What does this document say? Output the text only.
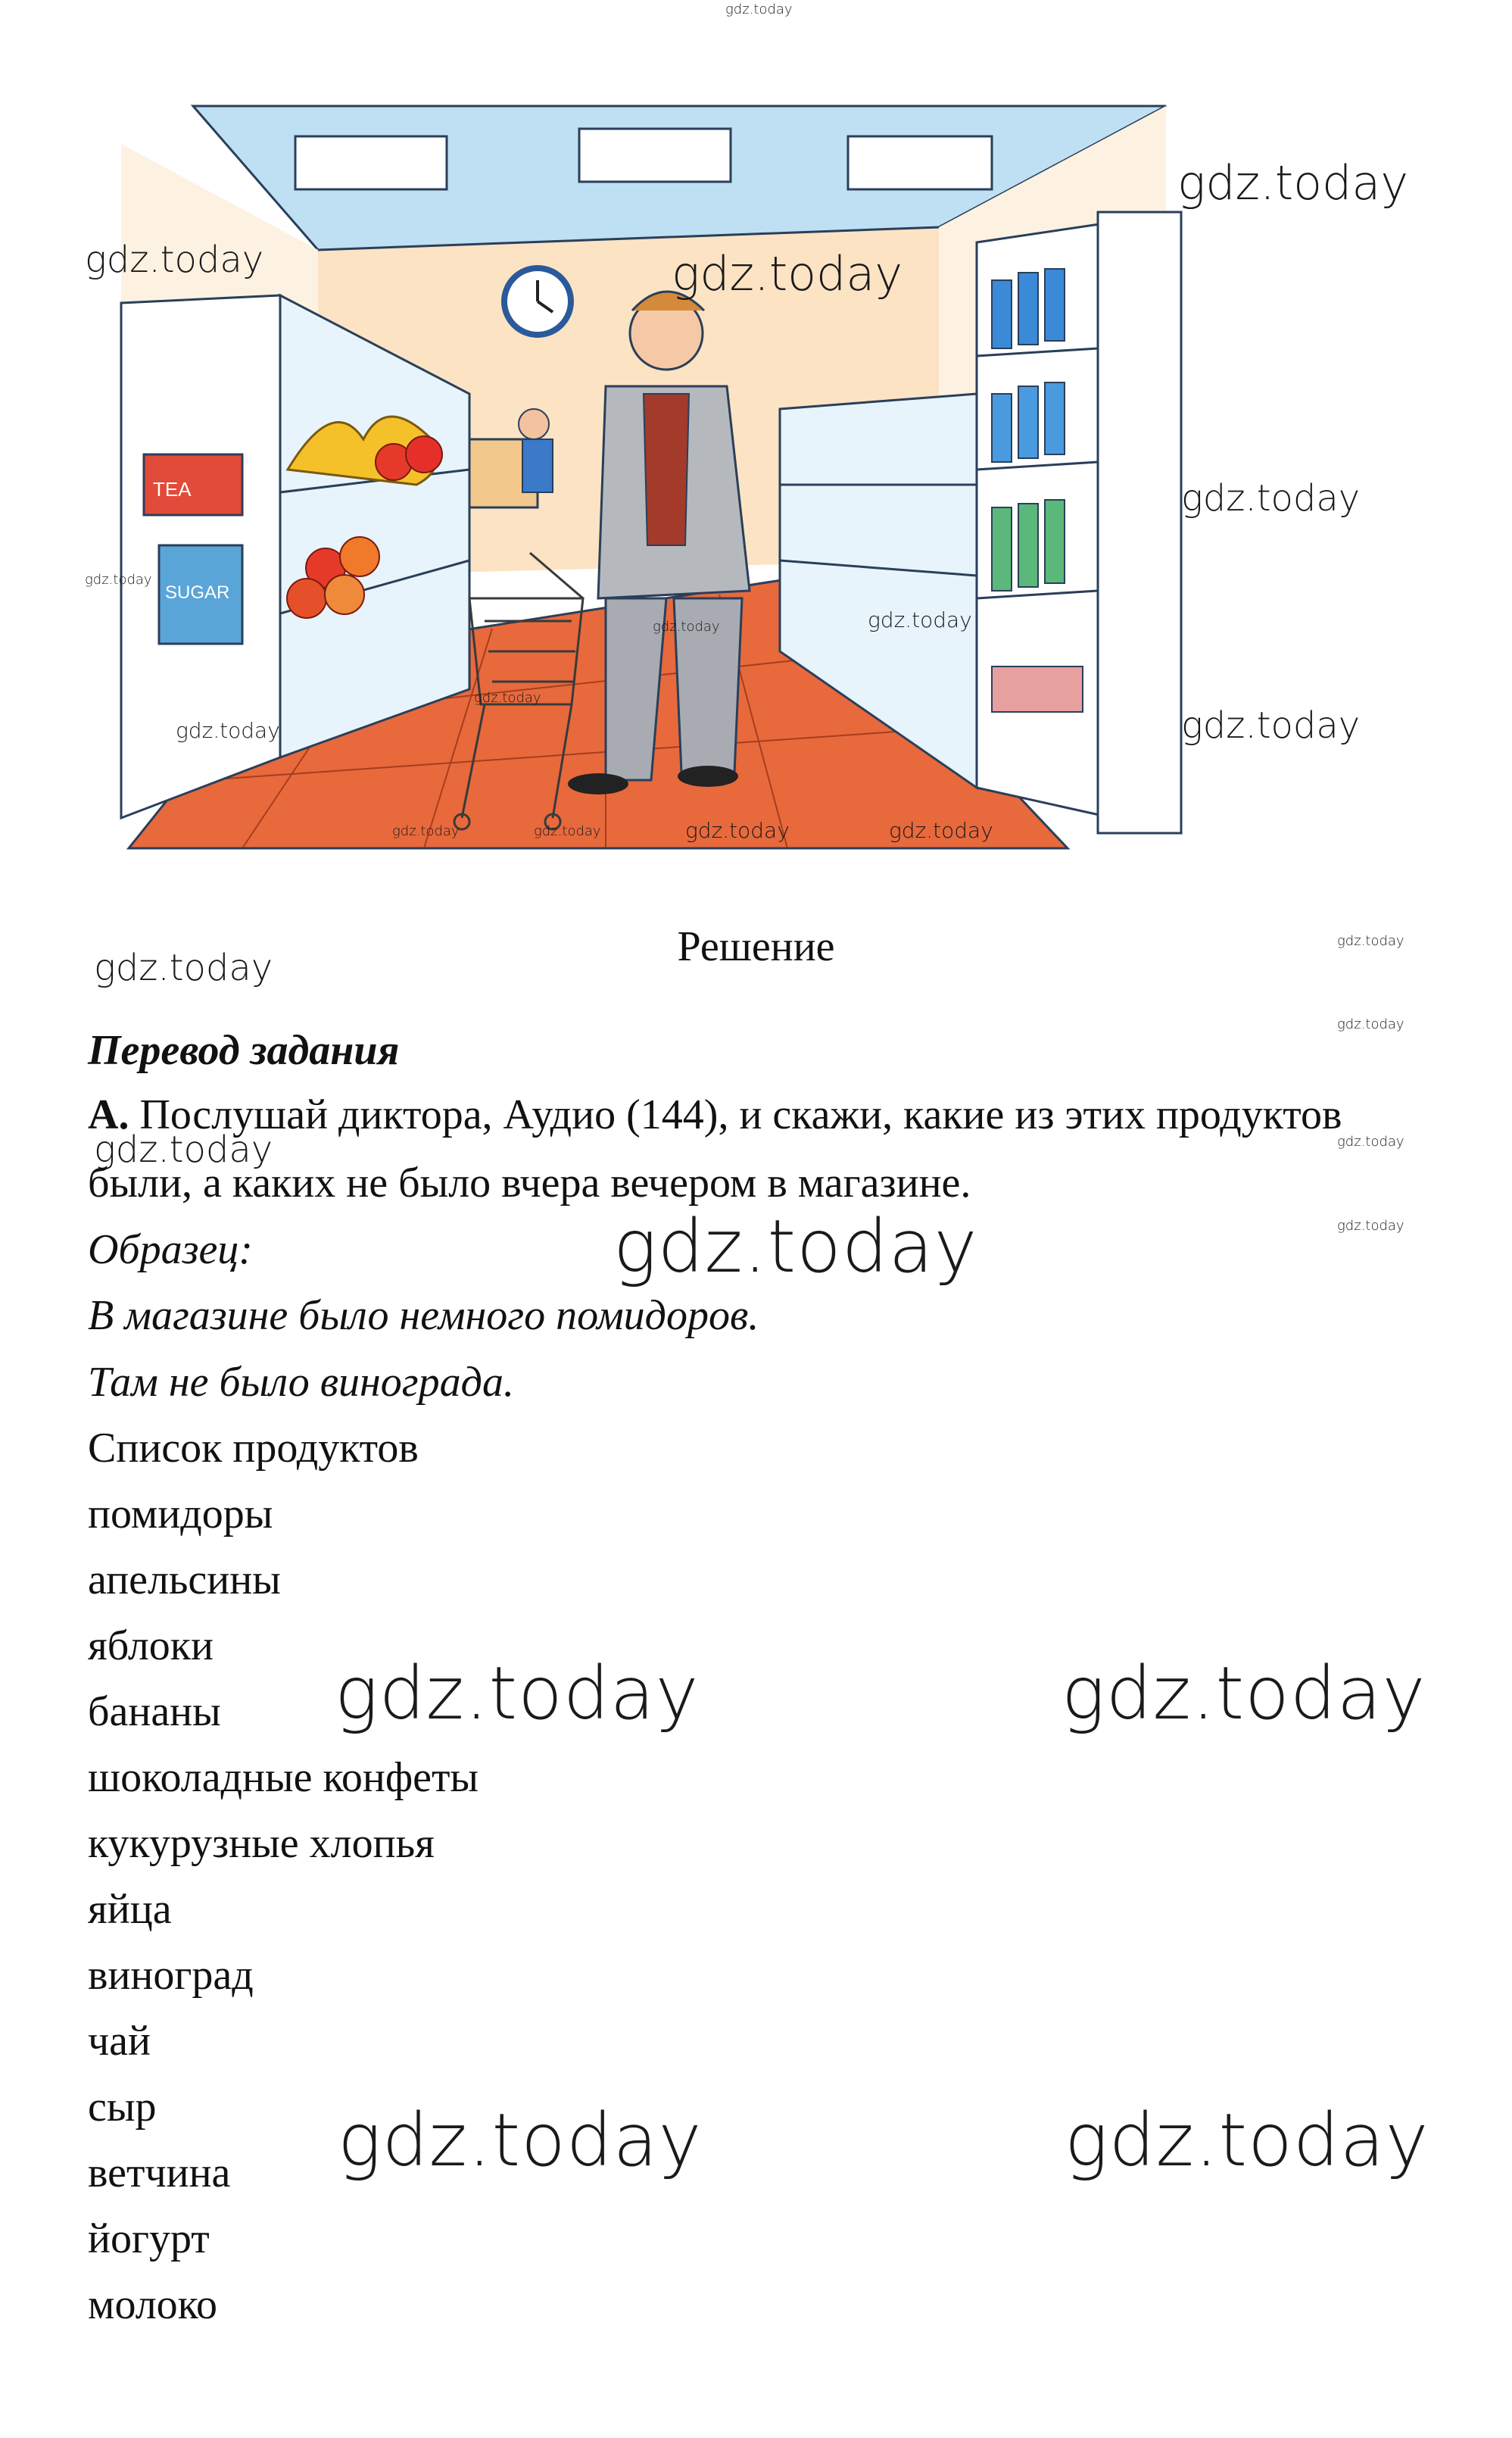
TEA
SUGAR
gdz.today
gdz.today
gdz.today	gdz.today
gdz.today
gdz.today
gdz.today	gdz.today
gdz.today
gdz.today
gdz.today
gdz.today	gdz.today	gdz.today	gdz.today
Решение
gdz.today
gdz.today
gdz.today
Перевод задания
А. Послушай диктора, Аудио (144), и скажи, какие из этих продуктов
gdz.today	gdz.today
были, а каких не было вчера вечером в магазине.
Образец:	gdz.today	gdz.today
В магазине было немного помидоров.
Там не было винограда.
Список продуктов
помидоры
апельсины
яблоки
бананы
шоколадные конфеты
кукурузные хлопья
яйца
виноград
чай
сыр
ветчина
йогурт
молоко
gdz.today	gdz.today
gdz.today	gdz.today
